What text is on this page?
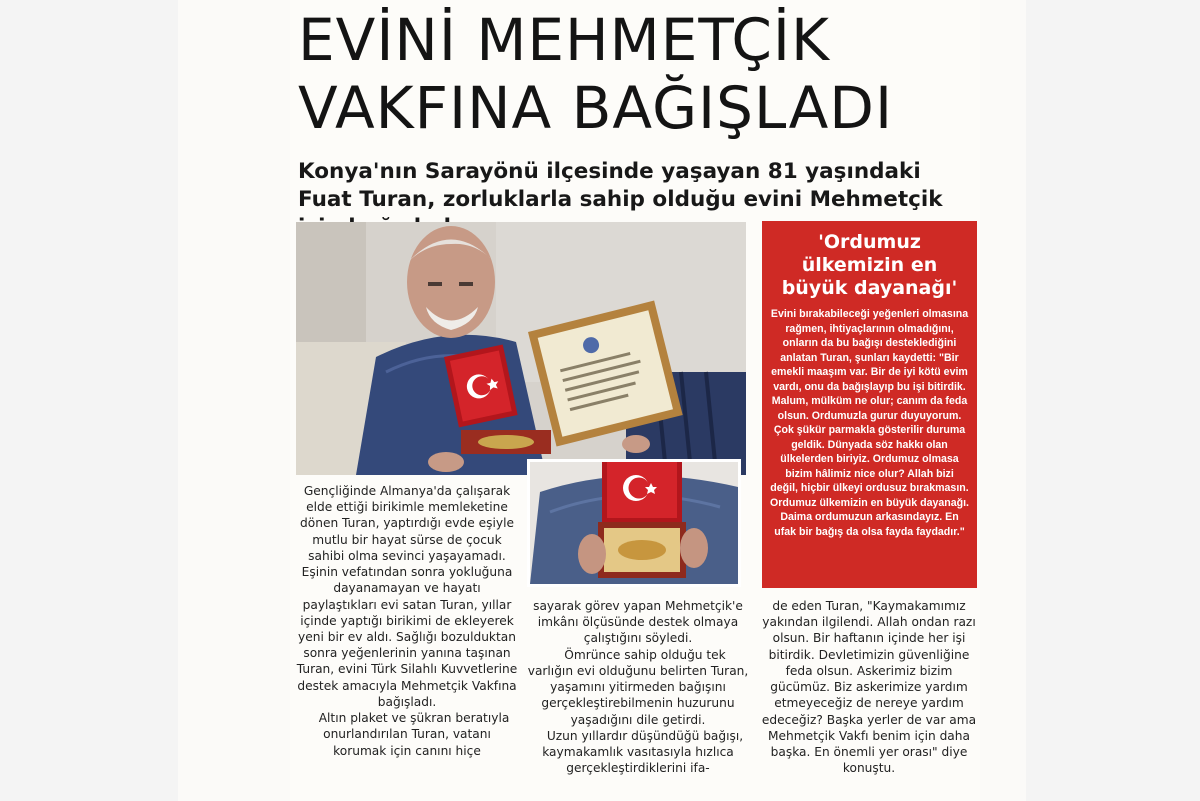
EVİNİ MEHMETÇİK
VAKFINA BAĞIŞLADI

Konya'nın Sarayönü ilçesinde yaşayan 81 yaşındaki Fuat Turan, zorluklarla sahip olduğu evini Mehmetçik

'Ordumuz ülkemizin en büyük dayanağı'

Evini bırakabileceği yeğenleri olmasına rağmen, ihtiyaçlarının olmadığını, onların da bu bağışı desteklediğini anlatan Turan, şunları kaydetti: "Bir emekli maaşım var. Bir de iyi kötü evim vardı, onu da bağışlayıp bu işi bitirdik. Malum, mülküm ne olur; canım da feda olsun. Ordumuzla gurur duyuyorum. Çok şükür parmakla gösterilir duruma geldik. Dünyada söz hakkı olan ülkelerden biriyiz. Ordumuz olmasa bizim hâlimiz nice olur? Allah bizi değil, hiçbir ülkeyi ordusuz bırakmasın. Ordumuz ülkemizin en büyük dayanağı. Daima ordumuzun arkasındayız. En ufak bir bağış da olsa fayda faydadır."

Gençliğinde Almanya'da çalışarak elde ettiği birikimle memleketine dönen Turan, yaptırdığı evde eşiyle mutlu bir hayat sürse de çocuk sahibi olma sevinci yaşayamadı. Eşinin vefatından sonra yokluğuna dayanamayan ve hayatı paylaştıkları evi satan Turan, yıllar içinde yaptığı birikimi de ekleyerek yeni bir ev aldı. Sağlığı bozulduktan sonra yeğenlerinin yanına taşınan Turan, evini Türk Silahlı Kuvvetlerine destek amacıyla Mehmetçik Vakfına bağışladı.

Altın plaket ve şükran beratıyla onurlandırılan Turan, vatanı korumak için canını hiçe

sayarak görev yapan Mehmetçik'e imkânı ölçüsünde destek olmaya çalıştığını söyledi.

Ömrünce sahip olduğu tek varlığın evi olduğunu belirten Turan, yaşamını yitirmeden bağışını gerçekleştirebilmenin huzurunu yaşadığını dile getirdi.

Uzun yıllardır düşündüğü bağışı, kaymakamlık vasıtasıyla hızlıca gerçekleştirdiklerini ifa-

de eden Turan, "Kaymakamımız yakından ilgilendi. Allah ondan razı olsun. Bir haftanın içinde her işi bitirdik. Devletimizin güvenliğine feda olsun. Askerimiz bizim gücümüz. Biz askerimize yardım etmeyeceğiz de nereye yardım edeceğiz? Başka yerler de var ama Mehmetçik Vakfı benim için daha başka. En önemli yer orası" diye konuştu.
